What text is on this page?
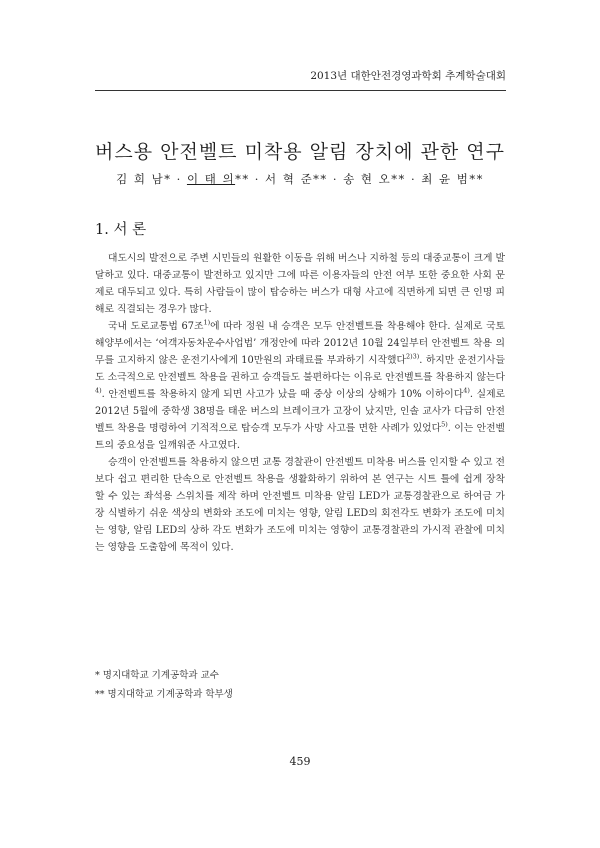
2013년 대한안전경영과학회 추계학술대회
버스용 안전벨트 미착용 알림 장치에 관한 연구
김 희 남* · 이 태 의** · 서 혁 준** · 송 현 오** · 최 윤 범**
1. 서 론

대도시의 발전으로 주변 시민들의 원활한 이동을 위해 버스나 지하철 등의 대중교통이 크게 발달하고 있다. 대중교통이 발전하고 있지만 그에 따른 이용자들의 안전 여부 또한 중요한 사회 문제로 대두되고 있다. 특히 사람들이 많이 탑승하는 버스가 대형 사고에 직면하게 되면 큰 인명 피해로 직결되는 경우가 많다.

국내 도로교통법 67조$^{1)}$에 따라 정원 내 승객은 모두 안전벨트를 착용해야 한다. 실제로 국토해양부에서는 ‘여객자동차운수사업법’ 개정안에 따라 2012년 10월 24일부터 안전벨트 착용 의무를 고지하지 않은 운전기사에게 10만원의 과태료를 부과하기 시작했다$^{2)3)}$. 하지만 운전기사들도 소극적으로 안전벨트 착용을 권하고 승객들도 불편하다는 이유로 안전벨트를 착용하지 않는다$^{4)}$. 안전벨트를 착용하지 않게 되면 사고가 났을 때 중상 이상의 상해가 10% 이하이다$^{4)}$. 실제로 2012년 5월에 중학생 38명을 태운 버스의 브레이크가 고장이 났지만, 인솔 교사가 다급히 안전벨트 착용을 명령하여 기적적으로 탑승객 모두가 사망 사고를 면한 사례가 있었다$^{5)}$. 이는 안전벨트의 중요성을 일깨워준 사고였다.

승객이 안전벨트를 착용하지 않으면 교통 경찰관이 안전벨트 미착용 버스를 인지할 수 있고 전보다 쉽고 편리한 단속으로 안전벨트 착용을 생활화하기 위하여 본 연구는 시트 틀에 쉽게 장착 할 수 있는 좌석용 스위치를 제작 하며 안전벨트 미착용 알림 LED가 교통경찰관으로 하여금 가장 식별하기 쉬운 색상의 변화와 조도에 미치는 영향, 알림 LED의 회전각도 변화가 조도에 미치는 영향, 알림 LED의 상하 각도 변화가 조도에 미치는 영향이 교통경찰관의 가시적 관찰에 미치는 영향을 도출함에 목적이 있다.

* 명지대학교 기계공학과 교수
** 명지대학교 기계공학과 학부생
459
